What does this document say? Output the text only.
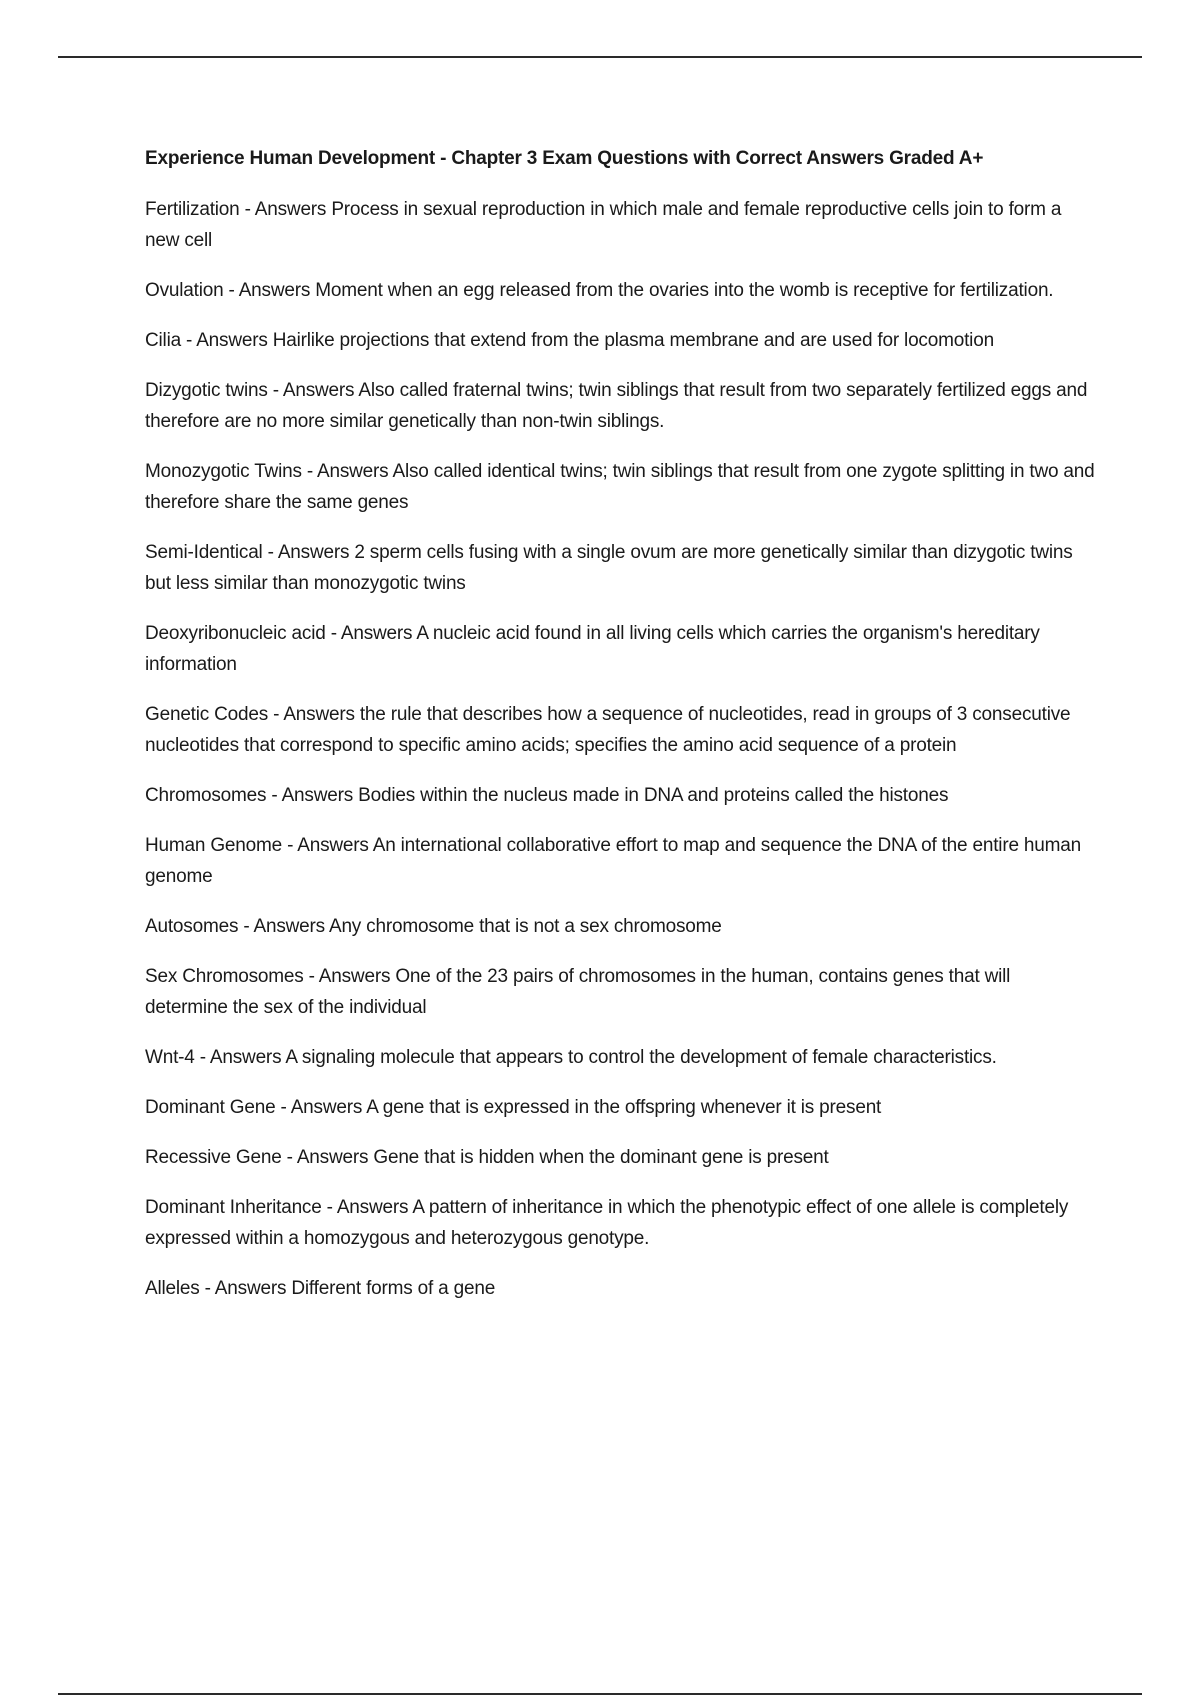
Experience Human Development - Chapter 3 Exam Questions with Correct Answers Graded A+

Fertilization - Answers Process in sexual reproduction in which male and female reproductive cells join to form a new cell

Ovulation - Answers Moment when an egg released from the ovaries into the womb is receptive for fertilization.

Cilia - Answers Hairlike projections that extend from the plasma membrane and are used for locomotion

Dizygotic twins - Answers Also called fraternal twins; twin siblings that result from two separately fertilized eggs and therefore are no more similar genetically than non-twin siblings.

Monozygotic Twins - Answers Also called identical twins; twin siblings that result from one zygote splitting in two and therefore share the same genes

Semi-Identical - Answers 2 sperm cells fusing with a single ovum are more genetically similar than dizygotic twins but less similar than monozygotic twins

Deoxyribonucleic acid - Answers A nucleic acid found in all living cells which carries the organism's hereditary information

Genetic Codes - Answers the rule that describes how a sequence of nucleotides, read in groups of 3 consecutive nucleotides that correspond to specific amino acids; specifies the amino acid sequence of a protein

Chromosomes - Answers Bodies within the nucleus made in DNA and proteins called the histones

Human Genome - Answers An international collaborative effort to map and sequence the DNA of the entire human genome

Autosomes - Answers Any chromosome that is not a sex chromosome

Sex Chromosomes - Answers One of the 23 pairs of chromosomes in the human, contains genes that will determine the sex of the individual

Wnt-4 - Answers A signaling molecule that appears to control the development of female characteristics.

Dominant Gene - Answers A gene that is expressed in the offspring whenever it is present

Recessive Gene - Answers Gene that is hidden when the dominant gene is present

Dominant Inheritance - Answers A pattern of inheritance in which the phenotypic effect of one allele is completely expressed within a homozygous and heterozygous genotype.

Alleles - Answers Different forms of a gene
